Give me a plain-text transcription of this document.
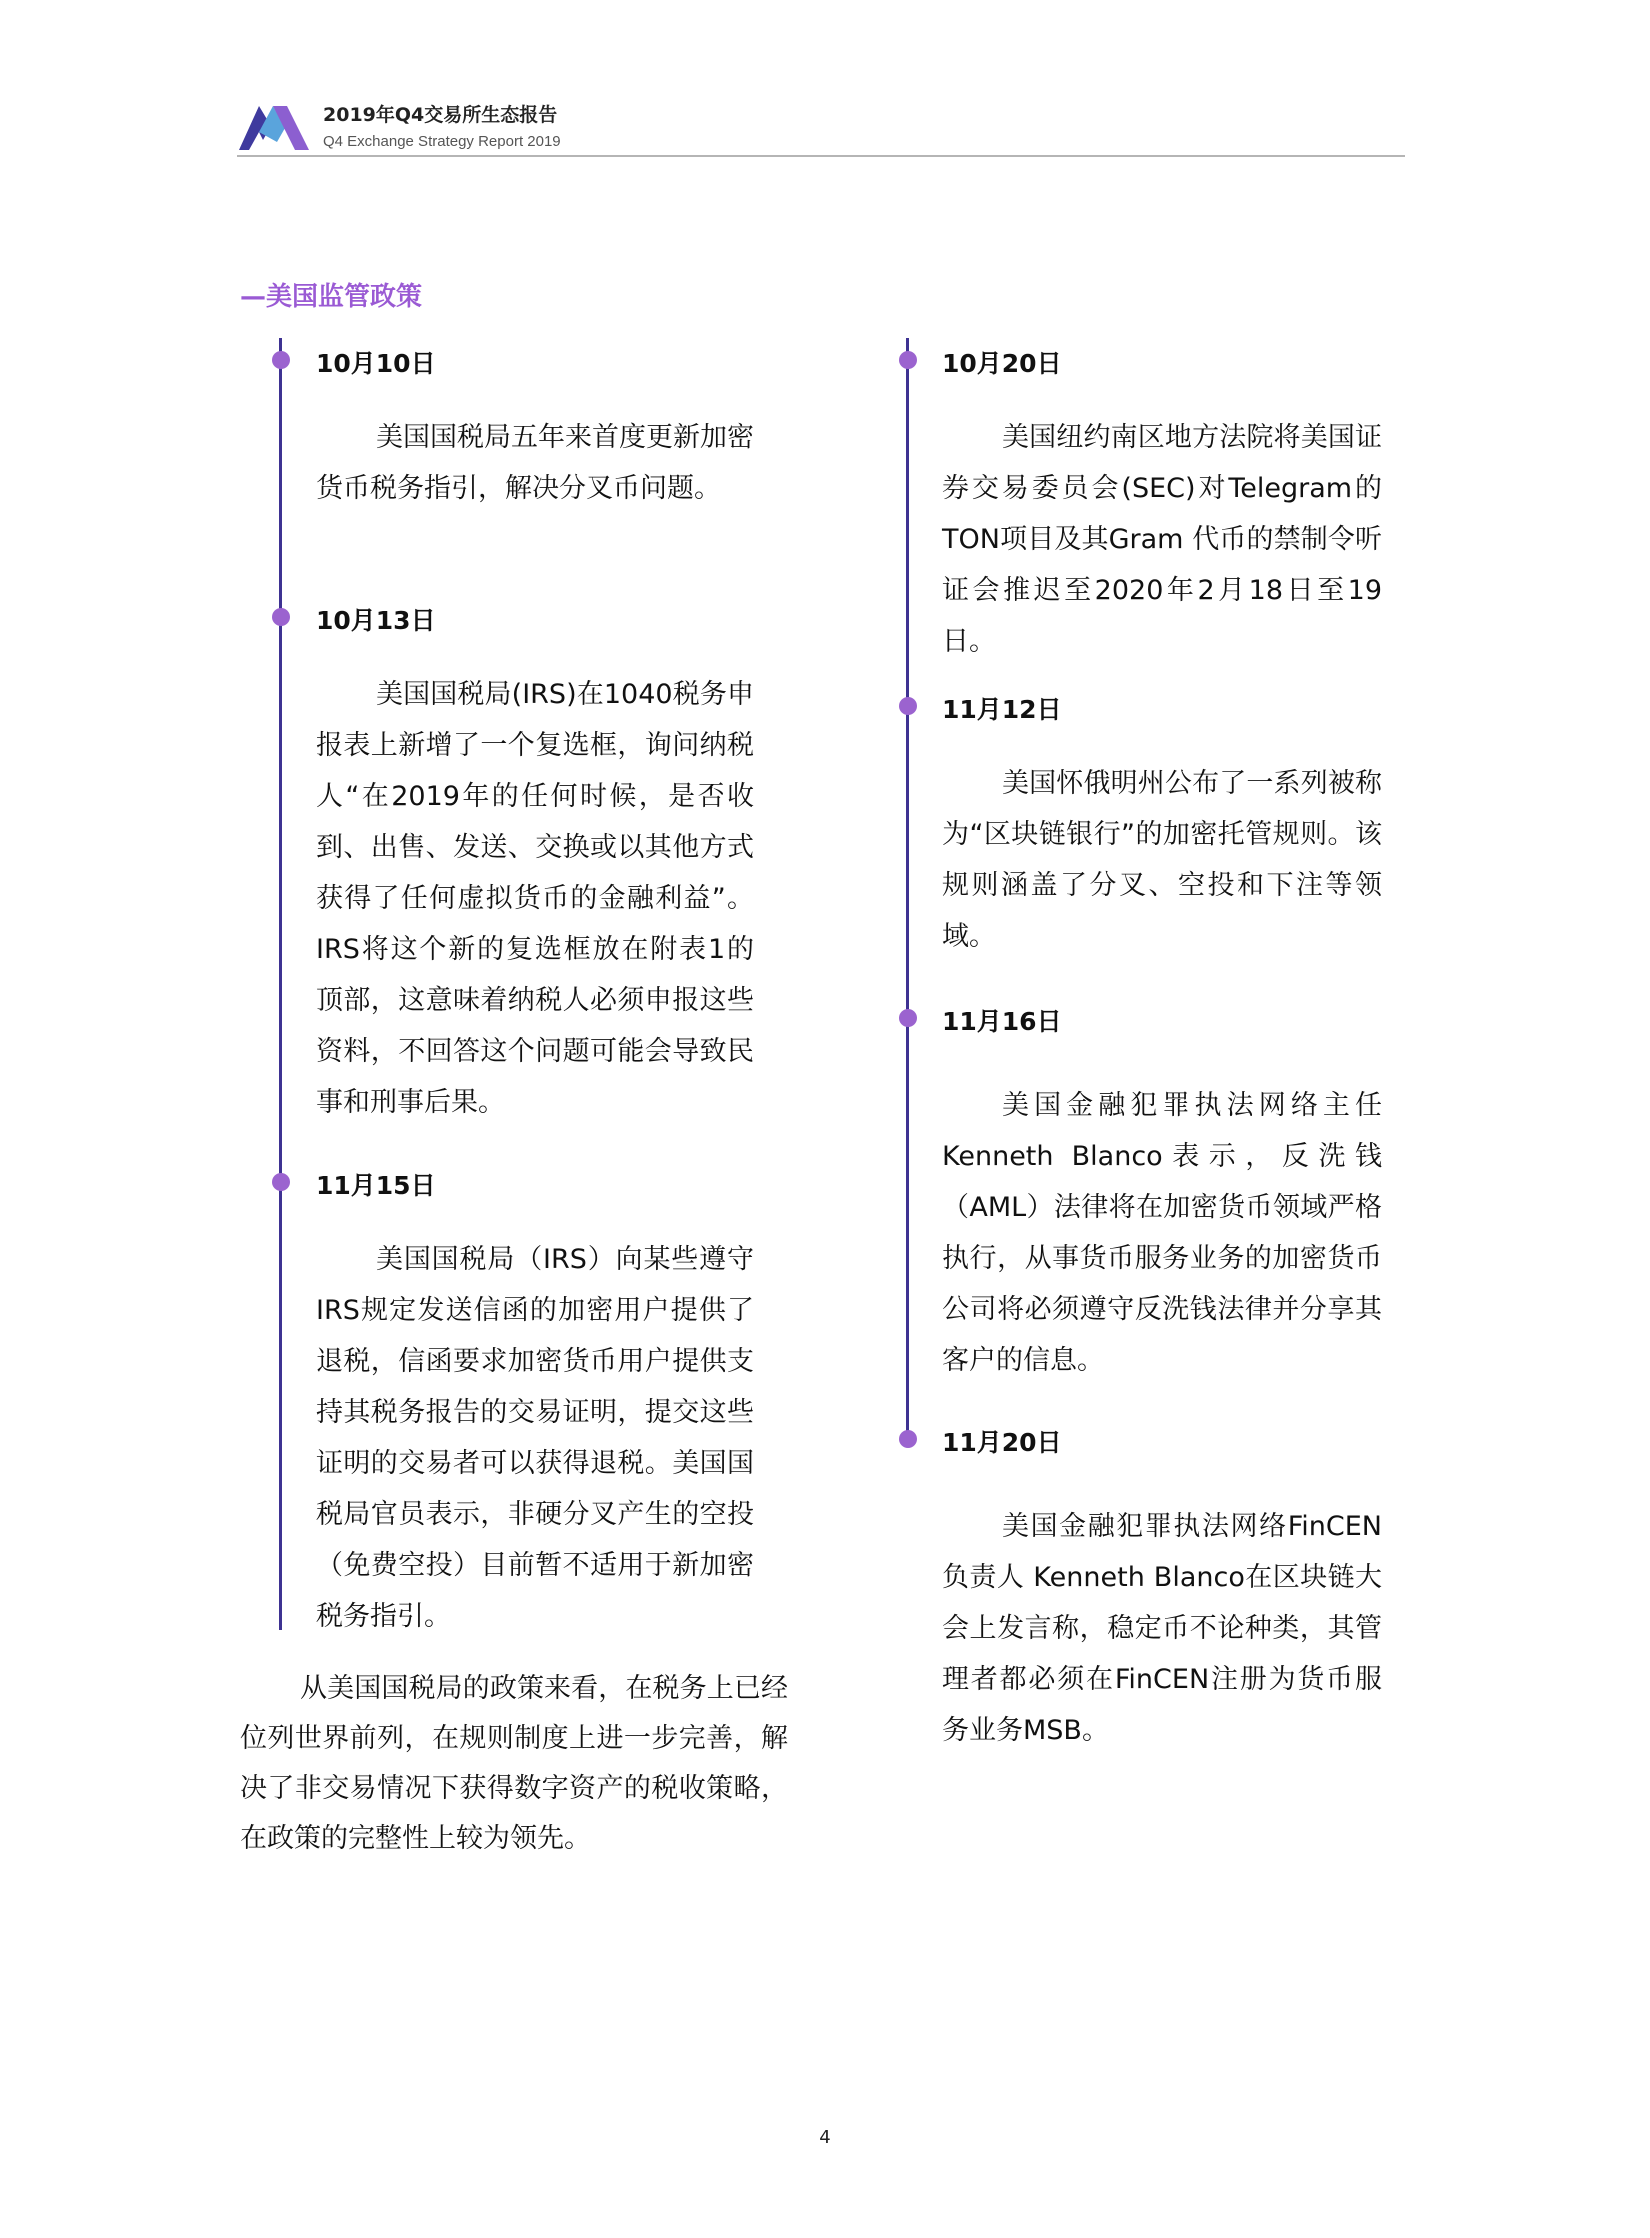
2019年Q4交易所生态报告
Q4 Exchange Strategy Report 2019
—美国监管政策
10月10日
美国国税局五年来首度更新加密货币税务指引，解决分叉币问题。
10月13日
美国国税局(IRS)在1040税务申报表上新增了一个复选框，询问纳税人“在2019年的任何时候，是否收到、出售、发送、交换或以其他方式获得了任何虚拟货币的金融利益”。IRS将这个新的复选框放在附表1的顶部，这意味着纳税人必须申报这些资料，不回答这个问题可能会导致民事和刑事后果。
11月15日
美国国税局（IRS）向某些遵守IRS规定发送信函的加密用户提供了退税，信函要求加密货币用户提供支持其税务报告的交易证明，提交这些证明的交易者可以获得退税。美国国税局官员表示，非硬分叉产生的空投（免费空投）目前暂不适用于新加密税务指引。
从美国国税局的政策来看，在税务上已经位列世界前列，在规则制度上进一步完善，解决了非交易情况下获得数字资产的税收策略，在政策的完整性上较为领先。
10月20日
美国纽约南区地方法院将美国证券交易委员会(SEC)对Telegram的TON项目及其Gram 代币的禁制令听证会推迟至2020年2月18日至19日。
11月12日
美国怀俄明州公布了一系列被称为“区块链银行”的加密托管规则。该规则涵盖了分叉、空投和下注等领域。
11月16日
美国金融犯罪执法网络主任Kenneth Blanco表示，反洗钱（AML）法律将在加密货币领域严格执行，从事货币服务业务的加密货币公司将必须遵守反洗钱法律并分享其客户的信息。
11月20日
美国金融犯罪执法网络FinCEN负责人 Kenneth Blanco在区块链大会上发言称，稳定币不论种类，其管理者都必须在FinCEN注册为货币服务业务MSB。
4
